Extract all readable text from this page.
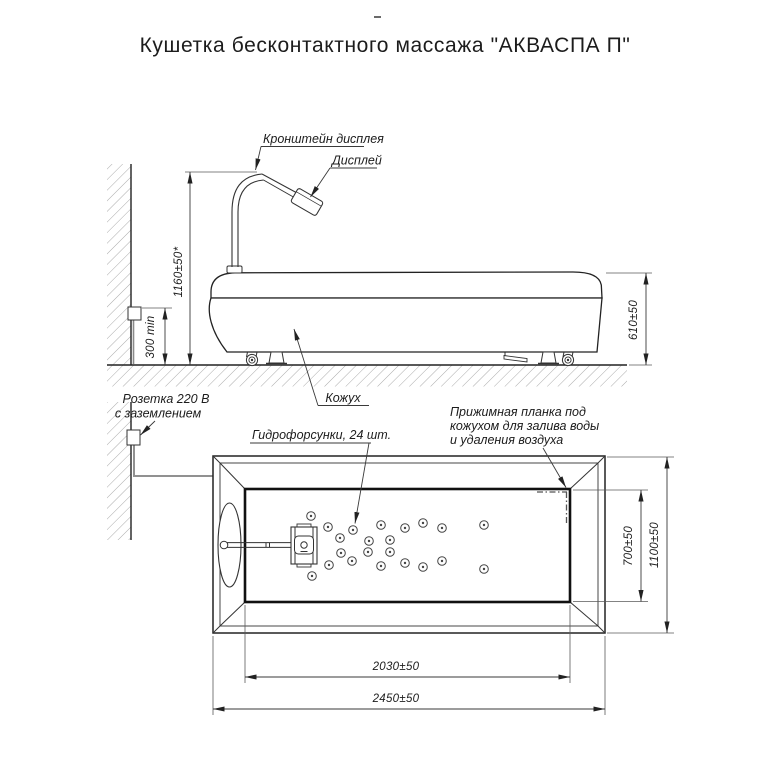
Кушетка бесконтактного массажа "АКВАСПА П"
Кронштейн дисплея
Дисплей
Кожух
1160±50*
300 min	610±50
Розетка 220 В
с заземлением
Гидрофорсунки, 24 шт.
Прижимная планка под
кожухом для залива воды
и удаления воздуха
700±50 1100±50
2030±50
2450±50
